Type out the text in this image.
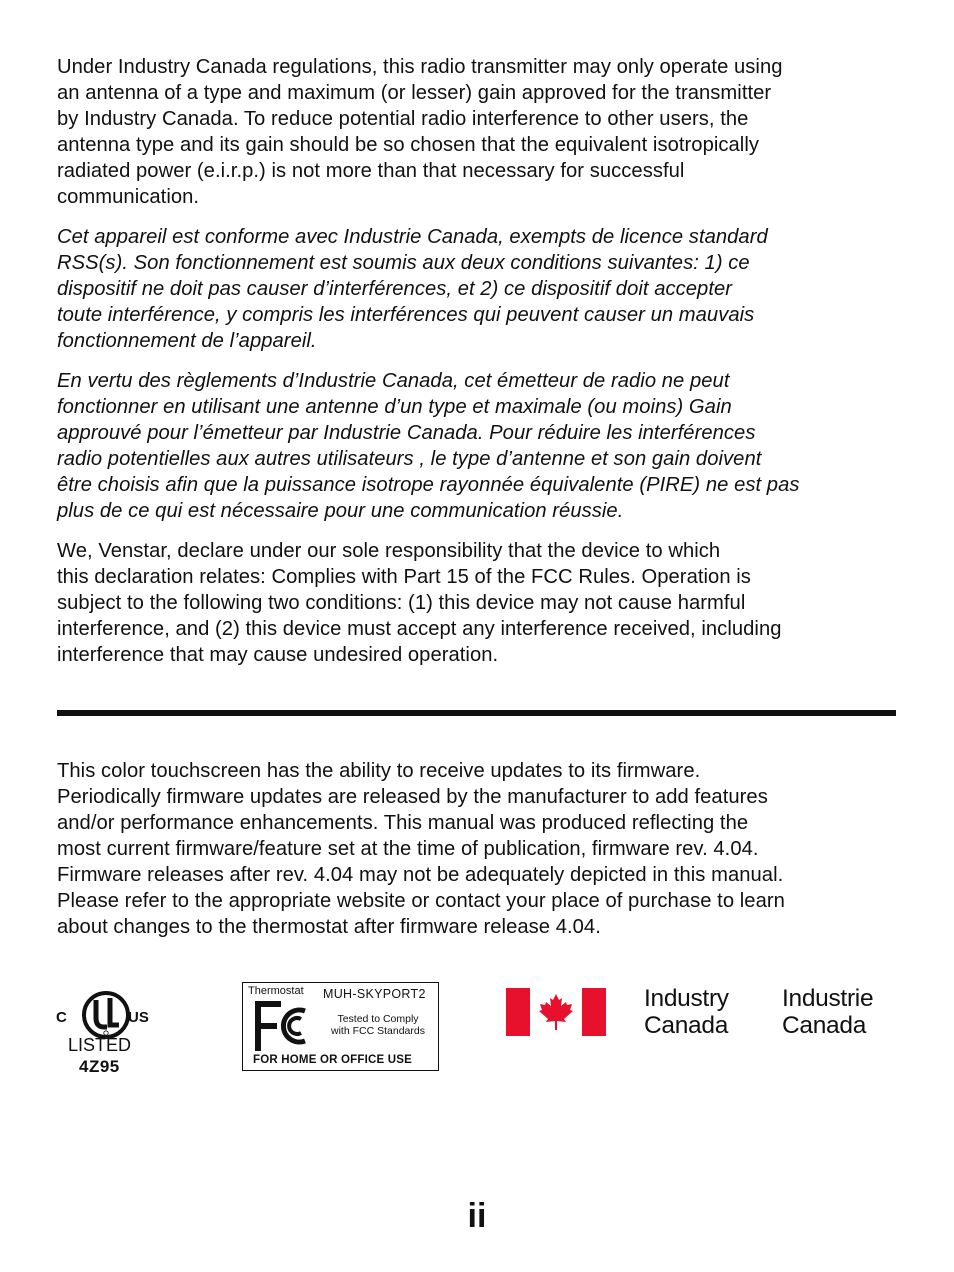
Under Industry Canada regulations, this radio transmitter may only operate using
an antenna of a type and maximum (or lesser) gain approved for the transmitter
by Industry Canada. To reduce potential radio interference to other users, the
antenna type and its gain should be so chosen that the equivalent isotropically
radiated power (e.i.r.p.) is not more than that necessary for successful
communication.
Cet appareil est conforme avec Industrie Canada, exempts de licence standard
RSS(s). Son fonctionnement est soumis aux deux conditions suivantes: 1) ce
dispositif ne doit pas causer d’interférences, et 2) ce dispositif doit accepter
toute interférence, y compris les interférences qui peuvent causer un mauvais
fonctionnement de l’appareil.
En vertu des règlements d’Industrie Canada, cet émetteur de radio ne peut
fonctionner en utilisant une antenne d’un type et maximale (ou moins) Gain
approuvé pour l’émetteur par Industrie Canada. Pour réduire les interférences
radio potentielles aux autres utilisateurs , le type d’antenne et son gain doivent
être choisis afin que la puissance isotrope rayonnée équivalente (PIRE) ne est pas
plus de ce qui est nécessaire pour une communication réussie.
We, Venstar, declare under our sole responsibility that the device to which
this declaration relates: Complies with Part 15 of the FCC Rules. Operation is
subject to the following two conditions: (1) this device may not cause harmful
interference, and (2) this device must accept any interference received, including
interference that may cause undesired operation.
This color touchscreen has the ability to receive updates to its firmware.
Periodically firmware updates are released by the manufacturer to add features
and/or performance enhancements. This manual was produced reflecting the
most current firmware/feature set at the time of publication, firmware rev. 4.04.
Firmware releases after rev. 4.04 may not be adequately depicted in this manual.
Please refer to the appropriate website or contact your place of purchase to learn
about changes to the thermostat after firmware release 4.04.
C	US
LISTED
4Z95
Thermostat MUH-SKYPORT2
Tested to Comply
with FCC Standards
FOR HOME OR OFFICE USE
Industry
Canada
Industrie
Canada
ii
